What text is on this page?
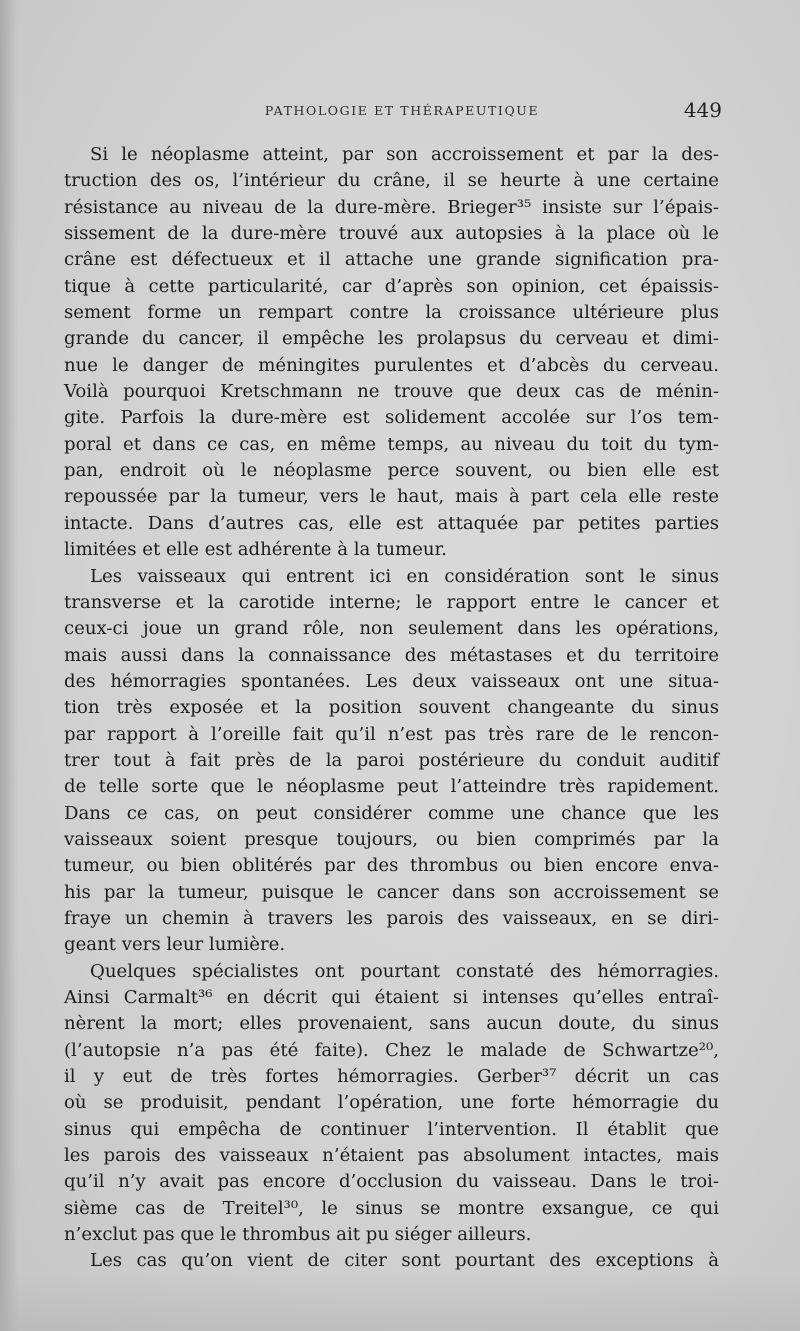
PATHOLOGIE ET THÉRAPEUTIQUE	449
Si le néoplasme atteint, par son accroissement et par la des-
truction des os, l’intérieur du crâne, il se heurte à une certaine
résistance au niveau de la dure-mère. Brieger³⁵ insiste sur l’épais-
sissement de la dure-mère trouvé aux autopsies à la place où le
crâne est défectueux et il attache une grande signification pra-
tique à cette particularité, car d’après son opinion, cet épaissis-
sement forme un rempart contre la croissance ultérieure plus
grande du cancer, il empêche les prolapsus du cerveau et dimi-
nue le danger de méningites purulentes et d’abcès du cerveau.
Voilà pourquoi Kretschmann ne trouve que deux cas de ménin-
gite. Parfois la dure-mère est solidement accolée sur l’os tem-
poral et dans ce cas, en même temps, au niveau du toit du tym-
pan, endroit où le néoplasme perce souvent, ou bien elle est
repoussée par la tumeur, vers le haut, mais à part cela elle reste
intacte. Dans d’autres cas, elle est attaquée par petites parties
limitées et elle est adhérente à la tumeur.
Les vaisseaux qui entrent ici en considération sont le sinus
transverse et la carotide interne; le rapport entre le cancer et
ceux-ci joue un grand rôle, non seulement dans les opérations,
mais aussi dans la connaissance des métastases et du territoire
des hémorragies spontanées. Les deux vaisseaux ont une situa-
tion très exposée et la position souvent changeante du sinus
par rapport à l’oreille fait qu’il n’est pas très rare de le rencon-
trer tout à fait près de la paroi postérieure du conduit auditif
de telle sorte que le néoplasme peut l’atteindre très rapidement.
Dans ce cas, on peut considérer comme une chance que les
vaisseaux soient presque toujours, ou bien comprimés par la
tumeur, ou bien oblitérés par des thrombus ou bien encore enva-
his par la tumeur, puisque le cancer dans son accroissement se
fraye un chemin à travers les parois des vaisseaux, en se diri-
geant vers leur lumière.
Quelques spécialistes ont pourtant constaté des hémorragies.
Ainsi Carmalt³⁶ en décrit qui étaient si intenses qu’elles entraî-
nèrent la mort; elles provenaient, sans aucun doute, du sinus
(l’autopsie n’a pas été faite). Chez le malade de Schwartze²⁰,
il y eut de très fortes hémorragies. Gerber³⁷ décrit un cas
où se produisit, pendant l’opération, une forte hémorragie du
sinus qui empêcha de continuer l’intervention. Il établit que
les parois des vaisseaux n’étaient pas absolument intactes, mais
qu’il n’y avait pas encore d’occlusion du vaisseau. Dans le troi-
sième cas de Treitel³⁰, le sinus se montre exsangue, ce qui
n’exclut pas que le thrombus ait pu siéger ailleurs.
Les cas qu’on vient de citer sont pourtant des exceptions à
